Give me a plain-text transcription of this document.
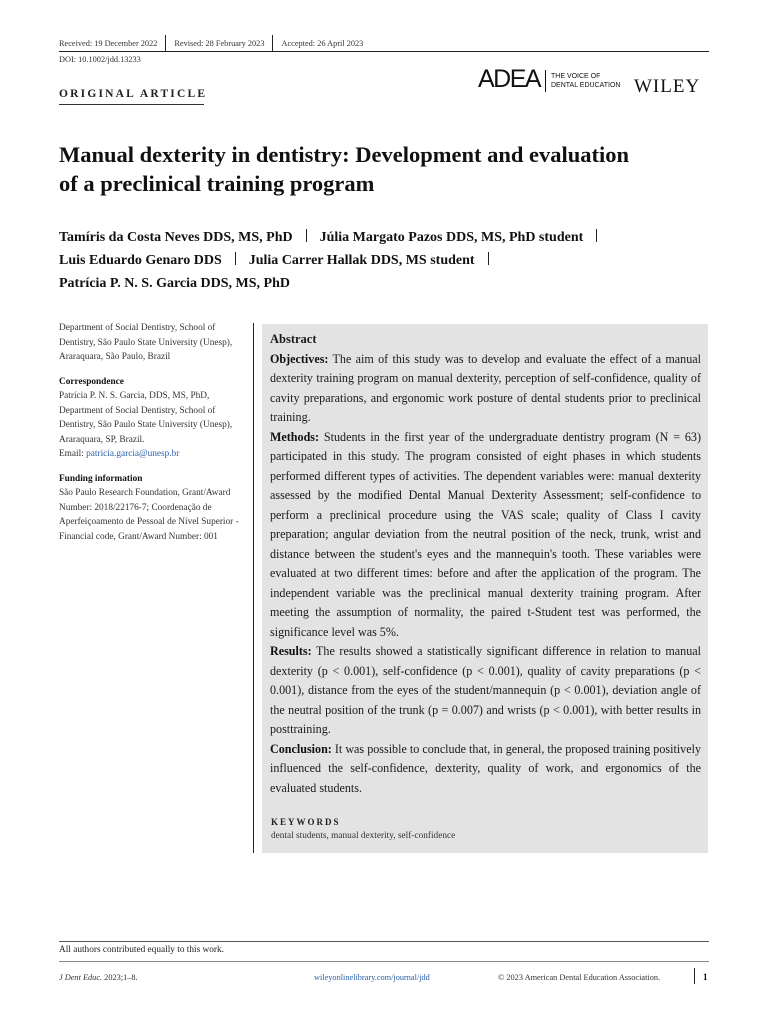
Received: 19 December 2022 Revised: 28 February 2023 Accepted: 26 April 2023
DOI: 10.1002/jdd.13233
ORIGINAL ARTICLE
ADEA THE VOICE OF
DENTAL EDUCATION WILEY
Manual dexterity in dentistry: Development and evaluation
of a preclinical training program
Tamíris da Costa Neves DDS, MS, PhD Júlia Margato Pazos DDS, MS, PhD student
Luis Eduardo Genaro DDS Julia Carrer Hallak DDS, MS student
Patrícia P. N. S. Garcia DDS, MS, PhD

Department of Social Dentistry, School of Dentistry, São Paulo State University (Unesp), Araraquara, São Paulo, Brazil

Correspondence
Patrícia P. N. S. Garcia, DDS, MS, PhD, Department of Social Dentistry, School of Dentistry, São Paulo State University (Unesp), Araraquara, SP, Brazil.
Email: patricia.garcia@unesp.br

Funding information
São Paulo Research Foundation, Grant/Award Number: 2018/22176-7; Coordenação de Aperfeiçoamento de Pessoal de Nível Superior - Financial code, Grant/Award Number: 001

Abstract

Objectives: The aim of this study was to develop and evaluate the effect of a manual dexterity training program on manual dexterity, perception of self-confidence, quality of cavity preparations, and ergonomic work posture of dental students prior to preclinical training.

Methods: Students in the first year of the undergraduate dentistry program (N = 63) participated in this study. The program consisted of eight phases in which students performed different types of activities. The dependent variables were: manual dexterity assessed by the modified Dental Manual Dexterity Assessment; self-confidence to perform a preclinical procedure using the VAS scale; quality of Class I cavity preparation; angular deviation from the neutral position of the neck, trunk, wrist and distance between the student's eyes and the mannequin's tooth. These variables were evaluated at two different times: before and after the application of the program. The independent variable was the preclinical manual dexterity training program. After meeting the assumption of normality, the paired t-Student test was performed, the significance level was 5%.

Results: The results showed a statistically significant difference in relation to manual dexterity (p < 0.001), self-confidence (p < 0.001), quality of cavity preparations (p < 0.001), distance from the eyes of the student/mannequin (p < 0.001), deviation angle of the neutral position of the trunk (p = 0.007) and wrists (p < 0.001), with better results in posttraining.

Conclusion: It was possible to conclude that, in general, the proposed training positively influenced the self-confidence, dexterity, quality of work, and ergonomics of the evaluated students.

KEYWORDS
dental students, manual dexterity, self-confidence
All authors contributed equally to this work.
J Dent Educ. 2023;1–8.	wileyonlinelibrary.com/journal/jdd	© 2023 American Dental Education Association.	1
